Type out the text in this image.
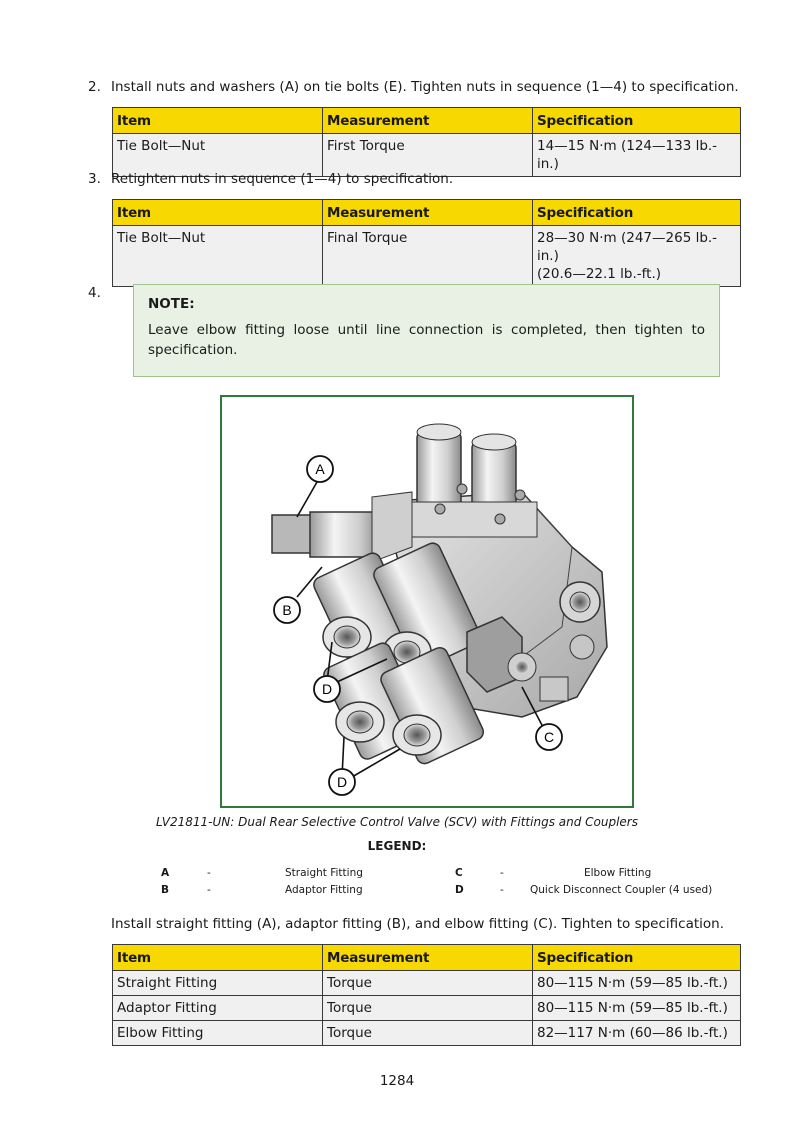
2. Install nuts and washers (A) on tie bolts (E). Tighten nuts in sequence (1—4) to specification.
Item	Measurement	Specification
Tie Bolt—Nut	First Torque	14—15 N·m (124—133 lb.-in.)
3. Retighten nuts in sequence (1—4) to specification.
Item	Measurement	Specification
Tie Bolt—Nut	Final Torque	28—30 N·m (247—265 lb.-in.)
(20.6—22.1 lb.-ft.)
4.
NOTE:
Leave elbow fitting loose until line connection is completed, then tighten to specification.
A
B
C
D
D
LV21811-UN: Dual Rear Selective Control Valve (SCV) with Fittings and Couplers
LEGEND:
A	-	Straight Fitting
B	-	Adaptor Fitting
C	-	Elbow Fitting
D	- Quick Disconnect Coupler (4 used)
Install straight fitting (A), adaptor fitting (B), and elbow fitting (C). Tighten to specification.
Item	Measurement	Specification
Straight Fitting	Torque	80—115 N·m (59—85 lb.-ft.)
Adaptor Fitting	Torque	80—115 N·m (59—85 lb.-ft.)
Elbow Fitting	Torque	82—117 N·m (60—86 lb.-ft.)
1284
